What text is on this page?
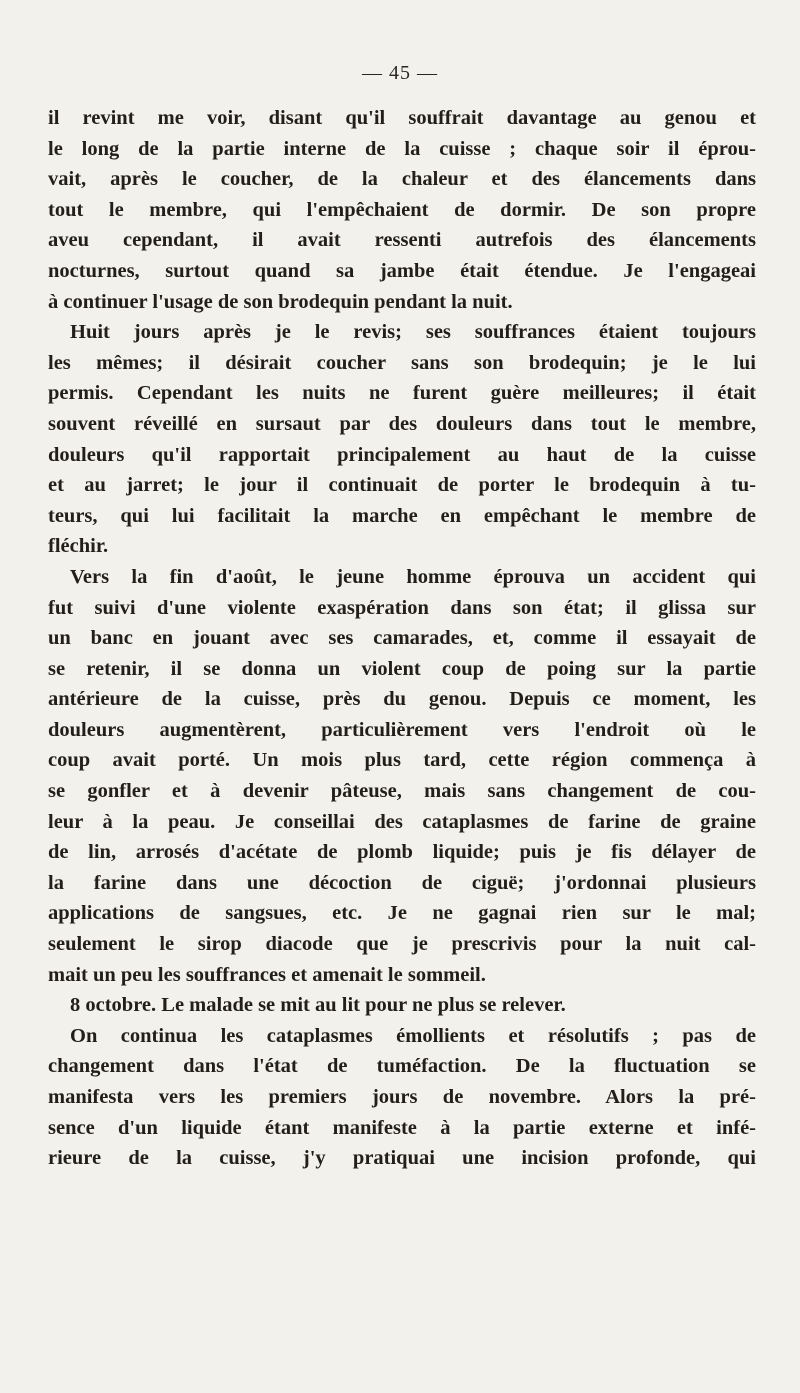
— 45 —
il revint me voir, disant qu'il souffrait davantage au genou et
le long de la partie interne de la cuisse ; chaque soir il éprou-
vait, après le coucher, de la chaleur et des élancements dans
tout le membre, qui l'empêchaient de dormir. De son propre
aveu cependant, il avait ressenti autrefois des élancements
nocturnes, surtout quand sa jambe était étendue. Je l'engageai
à continuer l'usage de son brodequin pendant la nuit.
Huit jours après je le revis; ses souffrances étaient toujours
les mêmes; il désirait coucher sans son brodequin; je le lui
permis. Cependant les nuits ne furent guère meilleures; il était
souvent réveillé en sursaut par des douleurs dans tout le membre,
douleurs qu'il rapportait principalement au haut de la cuisse
et au jarret; le jour il continuait de porter le brodequin à tu-
teurs, qui lui facilitait la marche en empêchant le membre de
fléchir.
Vers la fin d'août, le jeune homme éprouva un accident qui
fut suivi d'une violente exaspération dans son état; il glissa sur
un banc en jouant avec ses camarades, et, comme il essayait de
se retenir, il se donna un violent coup de poing sur la partie
antérieure de la cuisse, près du genou. Depuis ce moment, les
douleurs augmentèrent, particulièrement vers l'endroit où le
coup avait porté. Un mois plus tard, cette région commença à
se gonfler et à devenir pâteuse, mais sans changement de cou-
leur à la peau. Je conseillai des cataplasmes de farine de graine
de lin, arrosés d'acétate de plomb liquide; puis je fis délayer de
la farine dans une décoction de ciguë; j'ordonnai plusieurs
applications de sangsues, etc. Je ne gagnai rien sur le mal;
seulement le sirop diacode que je prescrivis pour la nuit cal-
mait un peu les souffrances et amenait le sommeil.
8 octobre. Le malade se mit au lit pour ne plus se relever.
On continua les cataplasmes émollients et résolutifs ; pas de
changement dans l'état de tuméfaction. De la fluctuation se
manifesta vers les premiers jours de novembre. Alors la pré-
sence d'un liquide étant manifeste à la partie externe et infé-
rieure de la cuisse, j'y pratiquai une incision profonde, qui
